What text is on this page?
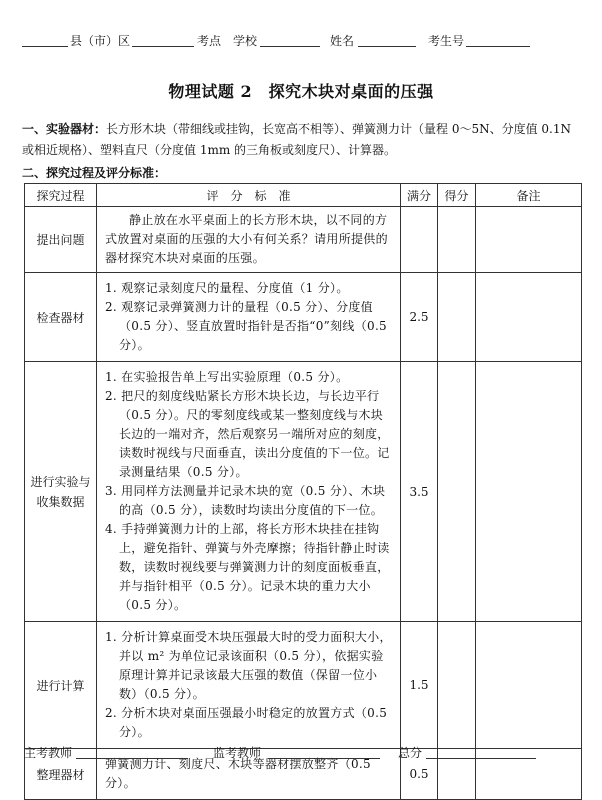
县（市）区	考点 学校	姓名	考生号
物理试题 2　探究木块对桌面的压强
一、实验器材：长方形木块（带细线或挂钩，长宽高不相等）、弹簧测力计（量程 0～5N、分度值 0.1N 或相近规格）、塑料直尺（分度值 1mm 的三角板或刻度尺）、计算器。
二、探究过程及评分标准：
探究过程	评　分　标　准	满分	得分	备注
提出问题	静止放在水平桌面上的长方形木块，以不同的方式放置对桌面的压强的大小有何关系？请用所提供的器材探究木块对桌面的压强。			

检查器材	1. 观察记录刻度尺的量程、分度值（1 分）。
2. 观察记录弹簧测力计的量程（0.5 分）、分度值（0.5 分）、竖直放置时指针是否指“0”刻线（0.5 分）。	2.5		

进行实验与收集数据	1. 在实验报告单上写出实验原理（0.5 分）。
2. 把尺的刻度线贴紧长方形木块长边，与长边平行（0.5 分）。尺的零刻度线或某一整刻度线与木块长边的一端对齐，然后观察另一端所对应的刻度，读数时视线与尺面垂直，读出分度值的下一位。记录测量结果（0.5 分）。
3. 用同样方法测量并记录木块的宽（0.5 分）、木块的高（0.5 分），读数时均读出分度值的下一位。
4. 手持弹簧测力计的上部，将长方形木块挂在挂钩上，避免指针、弹簧与外壳摩擦；待指针静止时读数，读数时视线要与弹簧测力计的刻度面板垂直，并与指针相平（0.5 分）。记录木块的重力大小（0.5 分）。	3.5		
进行计算	1. 分析计算桌面受木块压强最大时的受力面积大小，并以 m² 为单位记录该面积（0.5 分），依据实验原理计算并记录该最大压强的数值（保留一位小数）（0.5 分）。
2. 分析木块对桌面压强最小时稳定的放置方式（0.5 分）。	1.5		
整理器材	弹簧测力计、刻度尺、木块等器材摆放整齐（0.5 分）。	0.5		
主考教师	监考教师	总分
